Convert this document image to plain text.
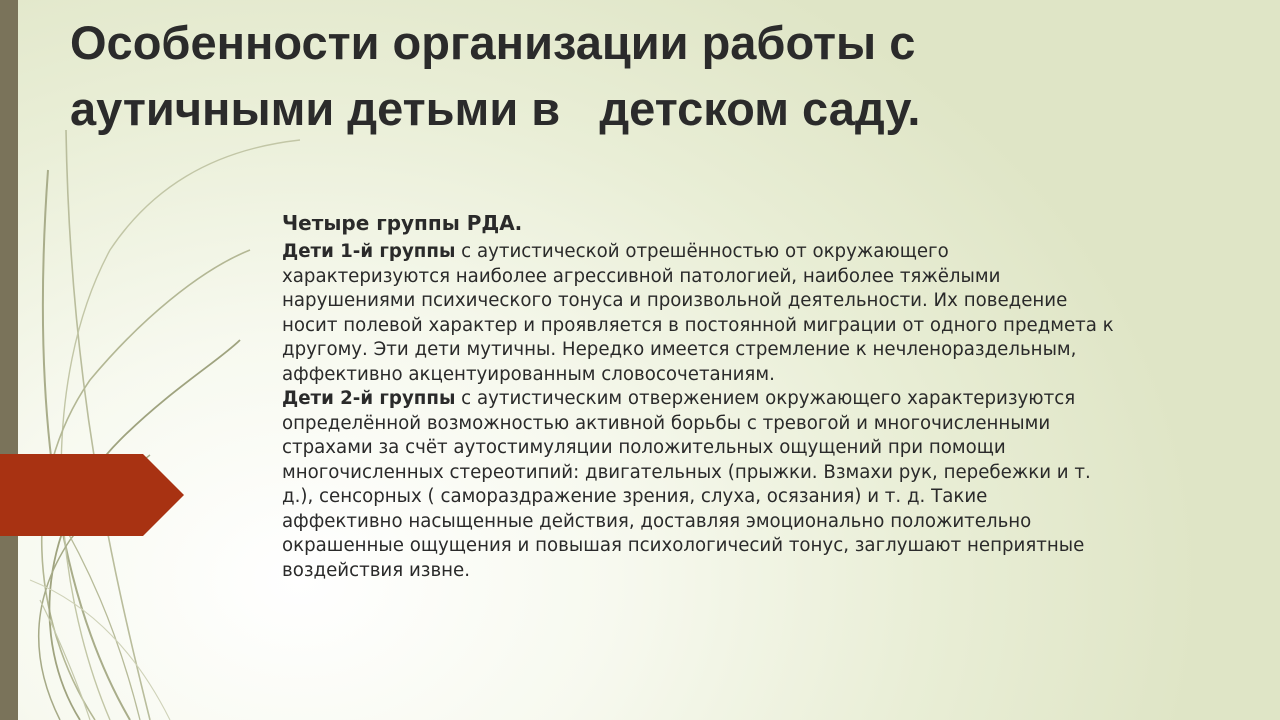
Особенности организации работы с
аутичными детьми в   детском саду.
Четыре группы РДА.

Дети 1-й группы с аутистической отрешённостью от окружающего
характеризуются наиболее агрессивной патологией, наиболее тяжёлыми
нарушениями психического тонуса и произвольной деятельности. Их поведение
носит полевой характер и проявляется в постоянной миграции от одного предмета к
другому. Эти дети мутичны. Нередко имеется стремление к нечленораздельным,
аффективно акцентуированным словосочетаниям.

Дети 2-й группы с аутистическим отвержением окружающего характеризуются
определённой возможностью активной борьбы с тревогой и многочисленными
страхами за счёт аутостимуляции положительных ощущений при помощи
многочисленных стереотипий: двигательных (прыжки. Взмахи рук, перебежки и т.
д.), сенсорных ( самораздражение зрения, слуха, осязания) и т. д. Такие
аффективно насыщенные действия, доставляя эмоционально положительно
окрашенные ощущения и повышая психологичесий тонус, заглушают неприятные
воздействия извне.
